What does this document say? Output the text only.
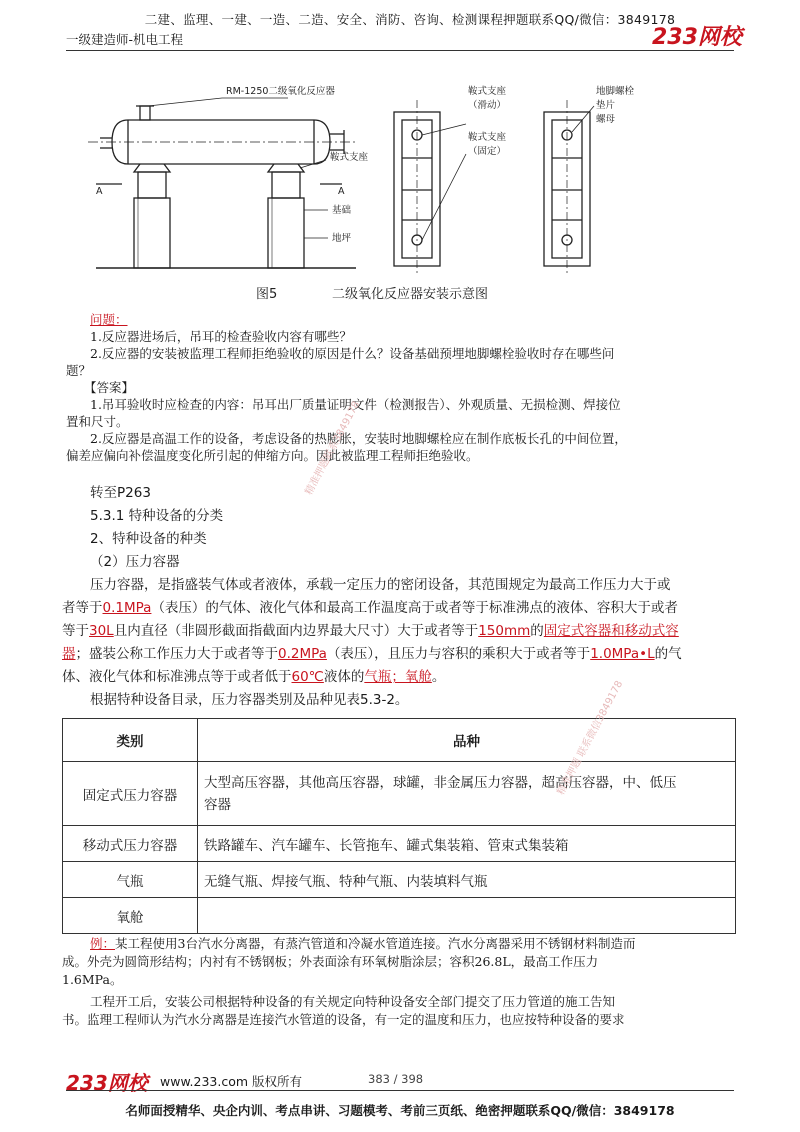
二建、监理、一建、一造、二造、安全、消防、咨询、检测课程押题联系QQ/微信：3849178
一级建造师-机电工程	233网校
RM-1250二级氧化反应器
鞍式支座
基础
地坪
A	A
鞍式支座
（滑动）
鞍式支座
（固定）
地脚螺栓
垫片
螺母
图5	二级氧化反应器安装示意图
问题：
1.反应器进场后，吊耳的检查验收内容有哪些？
2.反应器的安装被监理工程师拒绝验收的原因是什么？设备基础预埋地脚螺栓验收时存在哪些问
题？
【答案】
1.吊耳验收时应检查的内容：吊耳出厂质量证明文件（检测报告）、外观质量、无损检测、焊接位
置和尺寸。
2.反应器是高温工作的设备，考虑设备的热膨胀，安装时地脚螺栓应在制作底板长孔的中间位置，
偏差应偏向补偿温度变化所引起的伸缩方向。因此被监理工程师拒绝验收。
转至P263
5.3.1 特种设备的分类
2、特种设备的种类
（2）压力容器
压力容器，是指盛装气体或者液体，承载一定压力的密闭设备，其范围规定为最高工作压力大于或
者等于0.1MPa（表压）的气体、液化气体和最高工作温度高于或者等于标准沸点的液体、容积大于或者
等于30L且内直径（非圆形截面指截面内边界最大尺寸）大于或者等于150mm的固定式容器和移动式容
器；盛装公称工作压力大于或者等于0.2MPa（表压），且压力与容积的乘积大于或者等于1.0MPa•L的气
体、液化气体和标准沸点等于或者低于60℃液体的气瓶；氧舱。
根据特种设备目录，压力容器类别及品种见表5.3-2。
类别	品种
固定式压力容器	大型高压容器，其他高压容器，球罐，非金属压力容器，超高压容器，中、低压
容器
移动式压力容器	铁路罐车、汽车罐车、长管拖车、罐式集装箱、管束式集装箱
气瓶	无缝气瓶、焊接气瓶、特种气瓶、内装填料气瓶
氧舱	
例：某工程使用3台汽水分离器，有蒸汽管道和冷凝水管道连接。汽水分离器采用不锈钢材料制造而
成。外壳为圆筒形结构；内衬有不锈钢板；外表面涂有环氧树脂涂层；容积26.8L，最高工作压力
1.6MPa。
工程开工后，安装公司根据特种设备的有关规定向特种设备安全部门提交了压力管道的施工告知
书。监理工程师认为汽水分离器是连接汽水管道的设备，有一定的温度和压力，也应按特种设备的要求
精准押题联系3849178
精准押题 联系微信3849178
233网校 www.233.com 版权所有	383 / 398
名师面授精华、央企内训、考点串讲、习题模考、考前三页纸、绝密押题联系QQ/微信：3849178
